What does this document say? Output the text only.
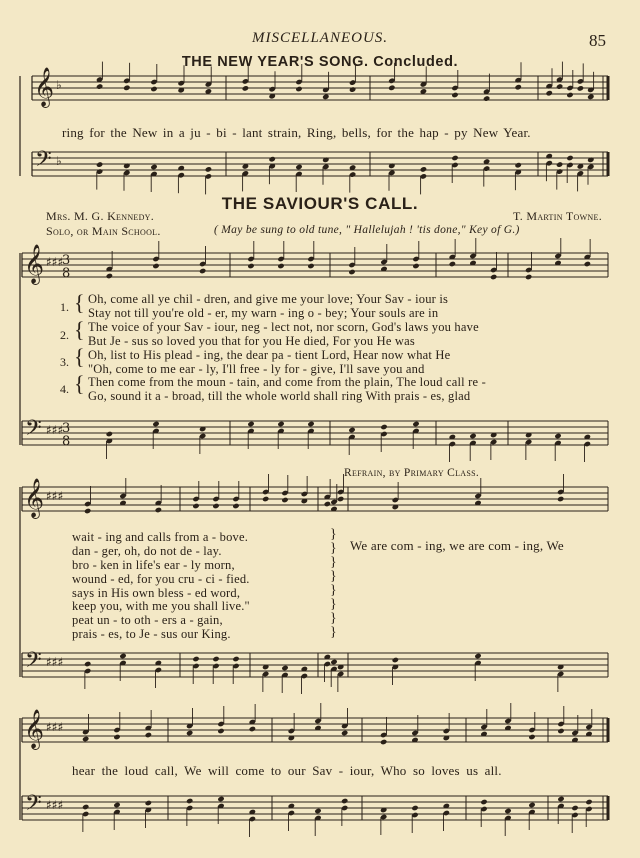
𝄞 ♭
𝄢 ♭
𝄞 ♯♯♯
3
8
𝄢 ♯♯♯
3
8
𝄞 ♯♯♯
𝄢 ♯♯♯
𝄞 ♯♯♯
𝄢 ♯♯♯
MISCELLANEOUS.	85
THE NEW YEAR'S SONG. Concluded.
ring for the New in a ju - bi - lant strain, Ring, bells, for the hap - py New Year.
THE SAVIOUR'S CALL.
Mrs. M. G. Kennedy.	T. Martin Towne.
Solo, or Main School.	( May be sung to old tune, " Hallelujah ! 'tis done," Key of G.)
1.
2.
3.
4.
{
{
{
{
Oh, come all ye chil - dren, and give me your love; Your Sav - iour is
Stay not till you're old - er, my warn - ing o - bey; Your souls are in
The voice of your Sav - iour, neg - lect not, nor scorn, God's laws you have
But Je - sus so loved you that for you He died, For you He was
Oh, list to His plead - ing, the dear pa - tient Lord, Hear now what He
"Oh, come to me ear - ly, I'll free - ly for - give, I'll save you and
Then come from the moun - tain, and come from the plain, The loud call re -
Go, sound it a - broad, till the whole world shall ring With prais - es, glad
Refrain, by Primary Class.
wait - ing and calls from a - bove.
dan - ger, oh, do not de - lay.
bro - ken in life's ear - ly morn,
wound - ed, for you cru - ci - fied.
says in His own bless - ed word,
keep you, with me you shall live."
peat un - to oth - ers a - gain,
prais - es, to Je - sus our King.
}
}
}
}
}
}
}
}
We are com - ing, we are com - ing, We
hear the loud call, We will come to our Sav - iour, Who so loves us all.
